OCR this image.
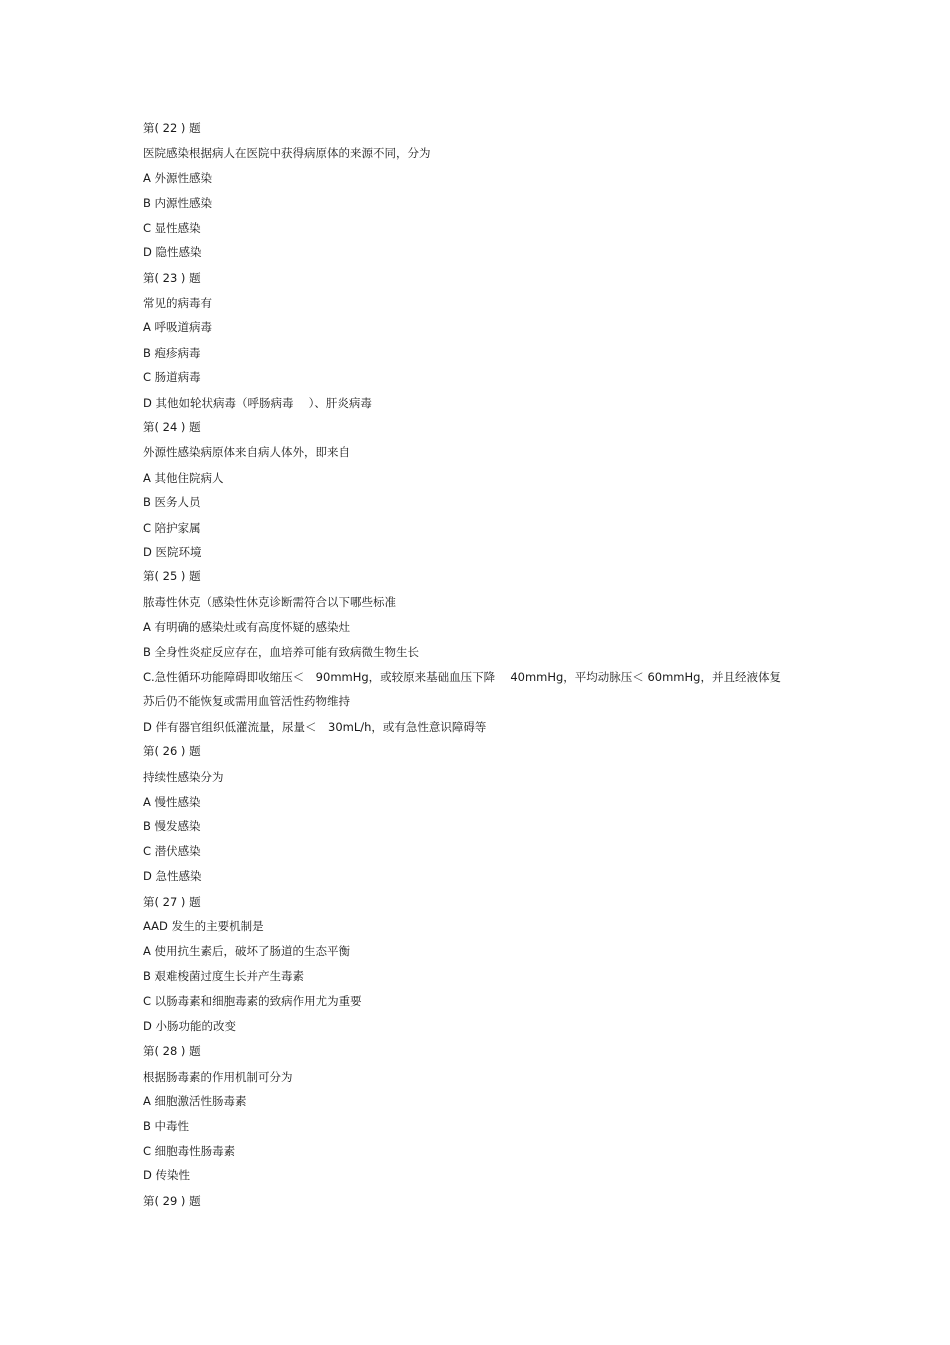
第( 22 ) 题
医院感染根据病人在医院中获得病原体的来源不同，分为
A 外源性感染
B 内源性感染
C 显性感染
D 隐性感染
第( 23 ) 题
常见的病毒有
A 呼吸道病毒
B 疱疹病毒
C 肠道病毒
D 其他如轮状病毒（呼肠病毒 　）、肝炎病毒
第( 24 ) 题
外源性感染病原体来自病人体外，即来自
A 其他住院病人
B 医务人员
C 陪护家属
D 医院环境
第( 25 ) 题
脓毒性休克（感染性休克诊断需符合以下哪些标准
A 有明确的感染灶或有高度怀疑的感染灶
B 全身性炎症反应存在，血培养可能有致病微生物生长
C.急性循环功能障碍即收缩压＜　90mmHg，或较原来基础血压下降　 40mmHg，平均动脉压＜ 60mmHg，并且经液体复
苏后仍不能恢复或需用血管活性药物维持
D 伴有器官组织低灌流量，尿量＜　30mL/h，或有急性意识障碍等
第( 26 ) 题
持续性感染分为
A 慢性感染
B 慢发感染
C 潜伏感染
D 急性感染
第( 27 ) 题
AAD 发生的主要机制是
A 使用抗生素后，破坏了肠道的生态平衡
B 艰难梭菌过度生长并产生毒素
C 以肠毒素和细胞毒素的致病作用尤为重要
D 小肠功能的改变
第( 28 ) 题
根据肠毒素的作用机制可分为
A 细胞激活性肠毒素
B 中毒性
C 细胞毒性肠毒素
D 传染性
第( 29 ) 题
